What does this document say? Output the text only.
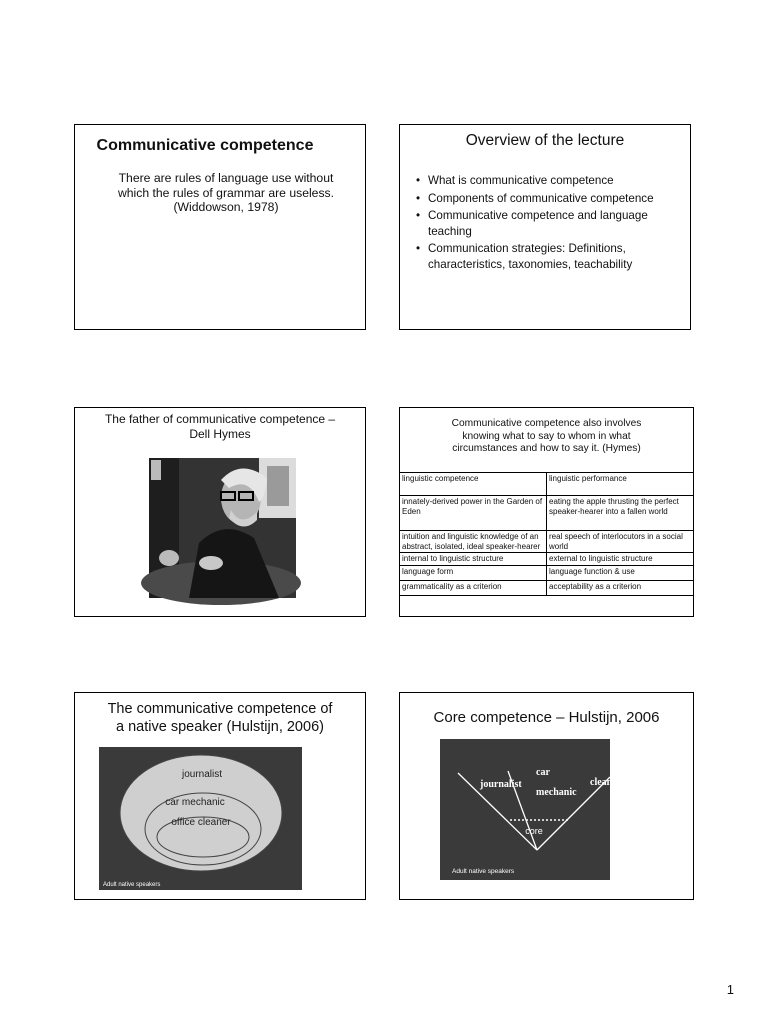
Communicative competence
There are rules of language use without
which the rules of grammar are useless.
(Widdowson, 1978)
Overview of the lecture
• What is communicative competence
• Components of communicative competence
• Communicative competence and language teaching
• Communication strategies: Definitions, characteristics, taxonomies, teachability
The father of communicative competence –
Dell Hymes
Communicative competence also involves
knowing what to say to whom in what
circumstances and how to say it. (Hymes)
linguistic competence	linguistic performance
innately-derived power in the Garden of Eden	eating the apple thrusting the perfect speaker-hearer into a fallen world
intuition and linguistic knowledge of an abstract, isolated, ideal speaker-hearer	real speech of interlocutors in a social world
internal to linguistic structure	external to linguistic structure
language form	language function & use
grammaticality as a criterion	acceptability as a criterion
The communicative competence of
a native speaker (Hulstijn, 2006)
journalist
car mechanic
office cleaner
Adult native speakers
Core competence – Hulstijn, 2006
journalist
car
mechanic
cleaner
core
Adult native speakers
1
